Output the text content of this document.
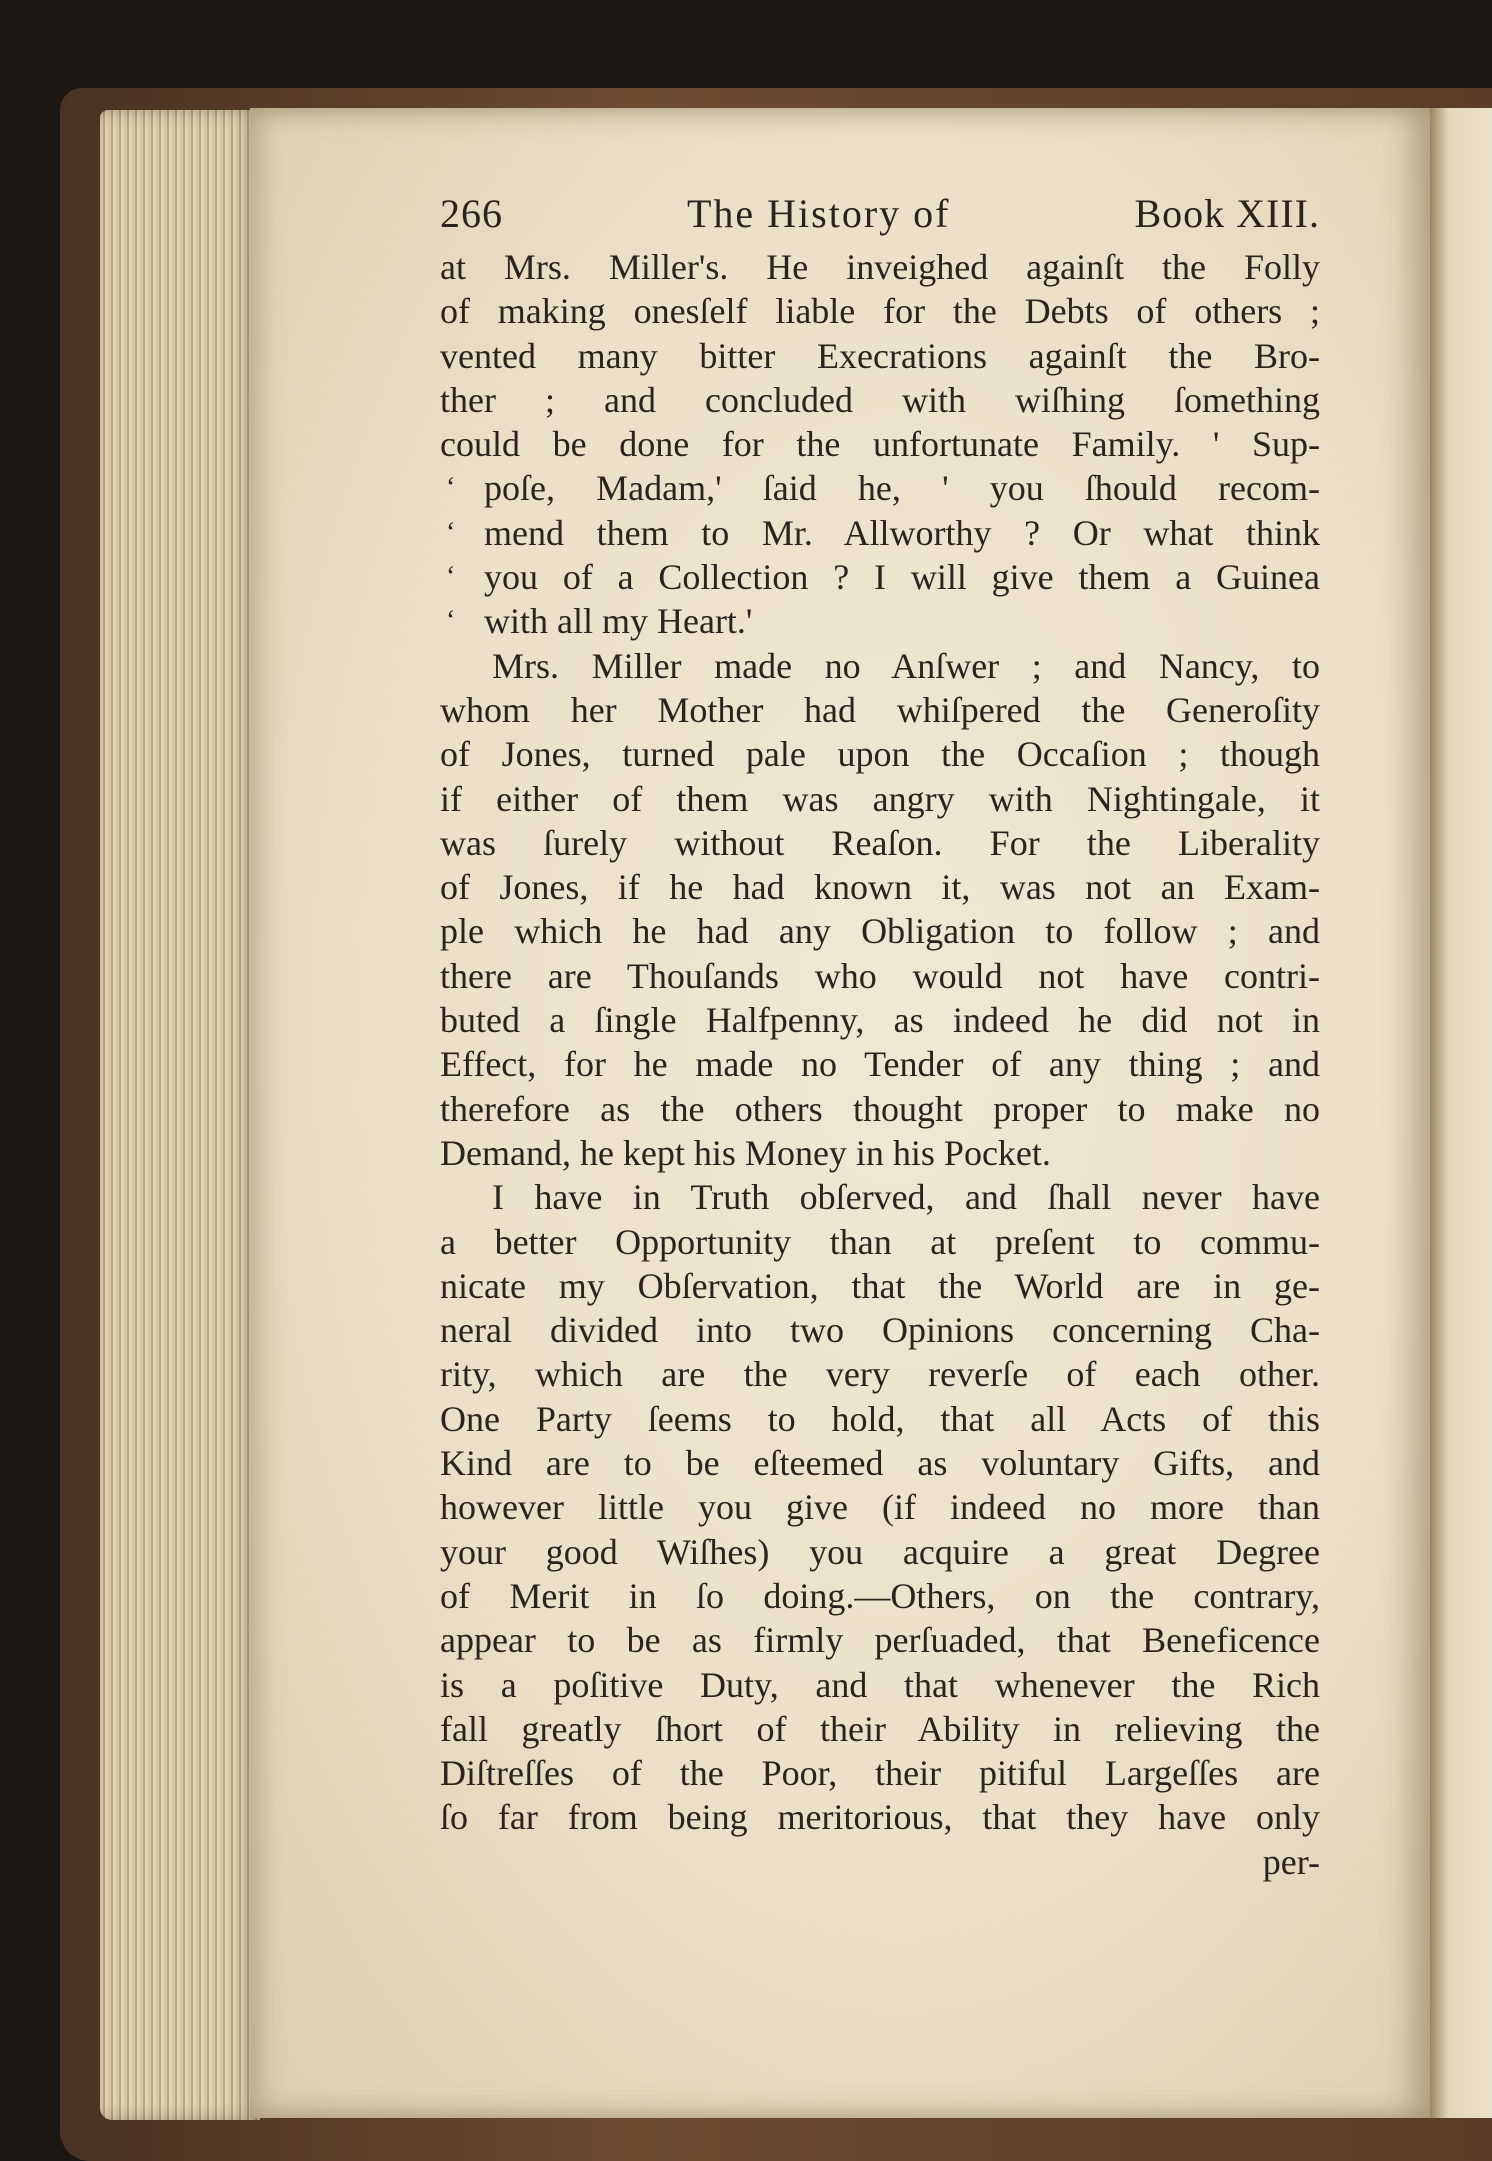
266	The History of	Book XIII.
at Mrs. Miller's. He inveighed againſt the Folly
of making onesſelf liable for the Debts of others ;
vented many bitter Execrations againſt the Bro-
ther ; and concluded with wiſhing ſomething
could be done for the unfortunate Family. ' Sup-
‘ poſe, Madam,' ſaid he, ' you ſhould recom-
‘ mend them to Mr. Allworthy ? Or what think
‘ you of a Collection ? I will give them a Guinea
‘ with all my Heart.'
Mrs. Miller made no Anſwer ; and Nancy, to
whom her Mother had whiſpered the Generoſity
of Jones, turned pale upon the Occaſion ; though
if either of them was angry with Nightingale, it
was ſurely without Reaſon. For the Liberality
of Jones, if he had known it, was not an Exam-
ple which he had any Obligation to follow ; and
there are Thouſands who would not have contri-
buted a ſingle Halfpenny, as indeed he did not in
Effect, for he made no Tender of any thing ; and
therefore as the others thought proper to make no
Demand, he kept his Money in his Pocket.
I have in Truth obſerved, and ſhall never have
a better Opportunity than at preſent to commu-
nicate my Obſervation, that the World are in ge-
neral divided into two Opinions concerning Cha-
rity, which are the very reverſe of each other.
One Party ſeems to hold, that all Acts of this
Kind are to be eſteemed as voluntary Gifts, and
however little you give (if indeed no more than
your good Wiſhes) you acquire a great Degree
of Merit in ſo doing.—Others, on the contrary,
appear to be as firmly perſuaded, that Beneficence
is a poſitive Duty, and that whenever the Rich
fall greatly ſhort of their Ability in relieving the
Diſtreſſes of the Poor, their pitiful Largeſſes are
ſo far from being meritorious, that they have only
per-
